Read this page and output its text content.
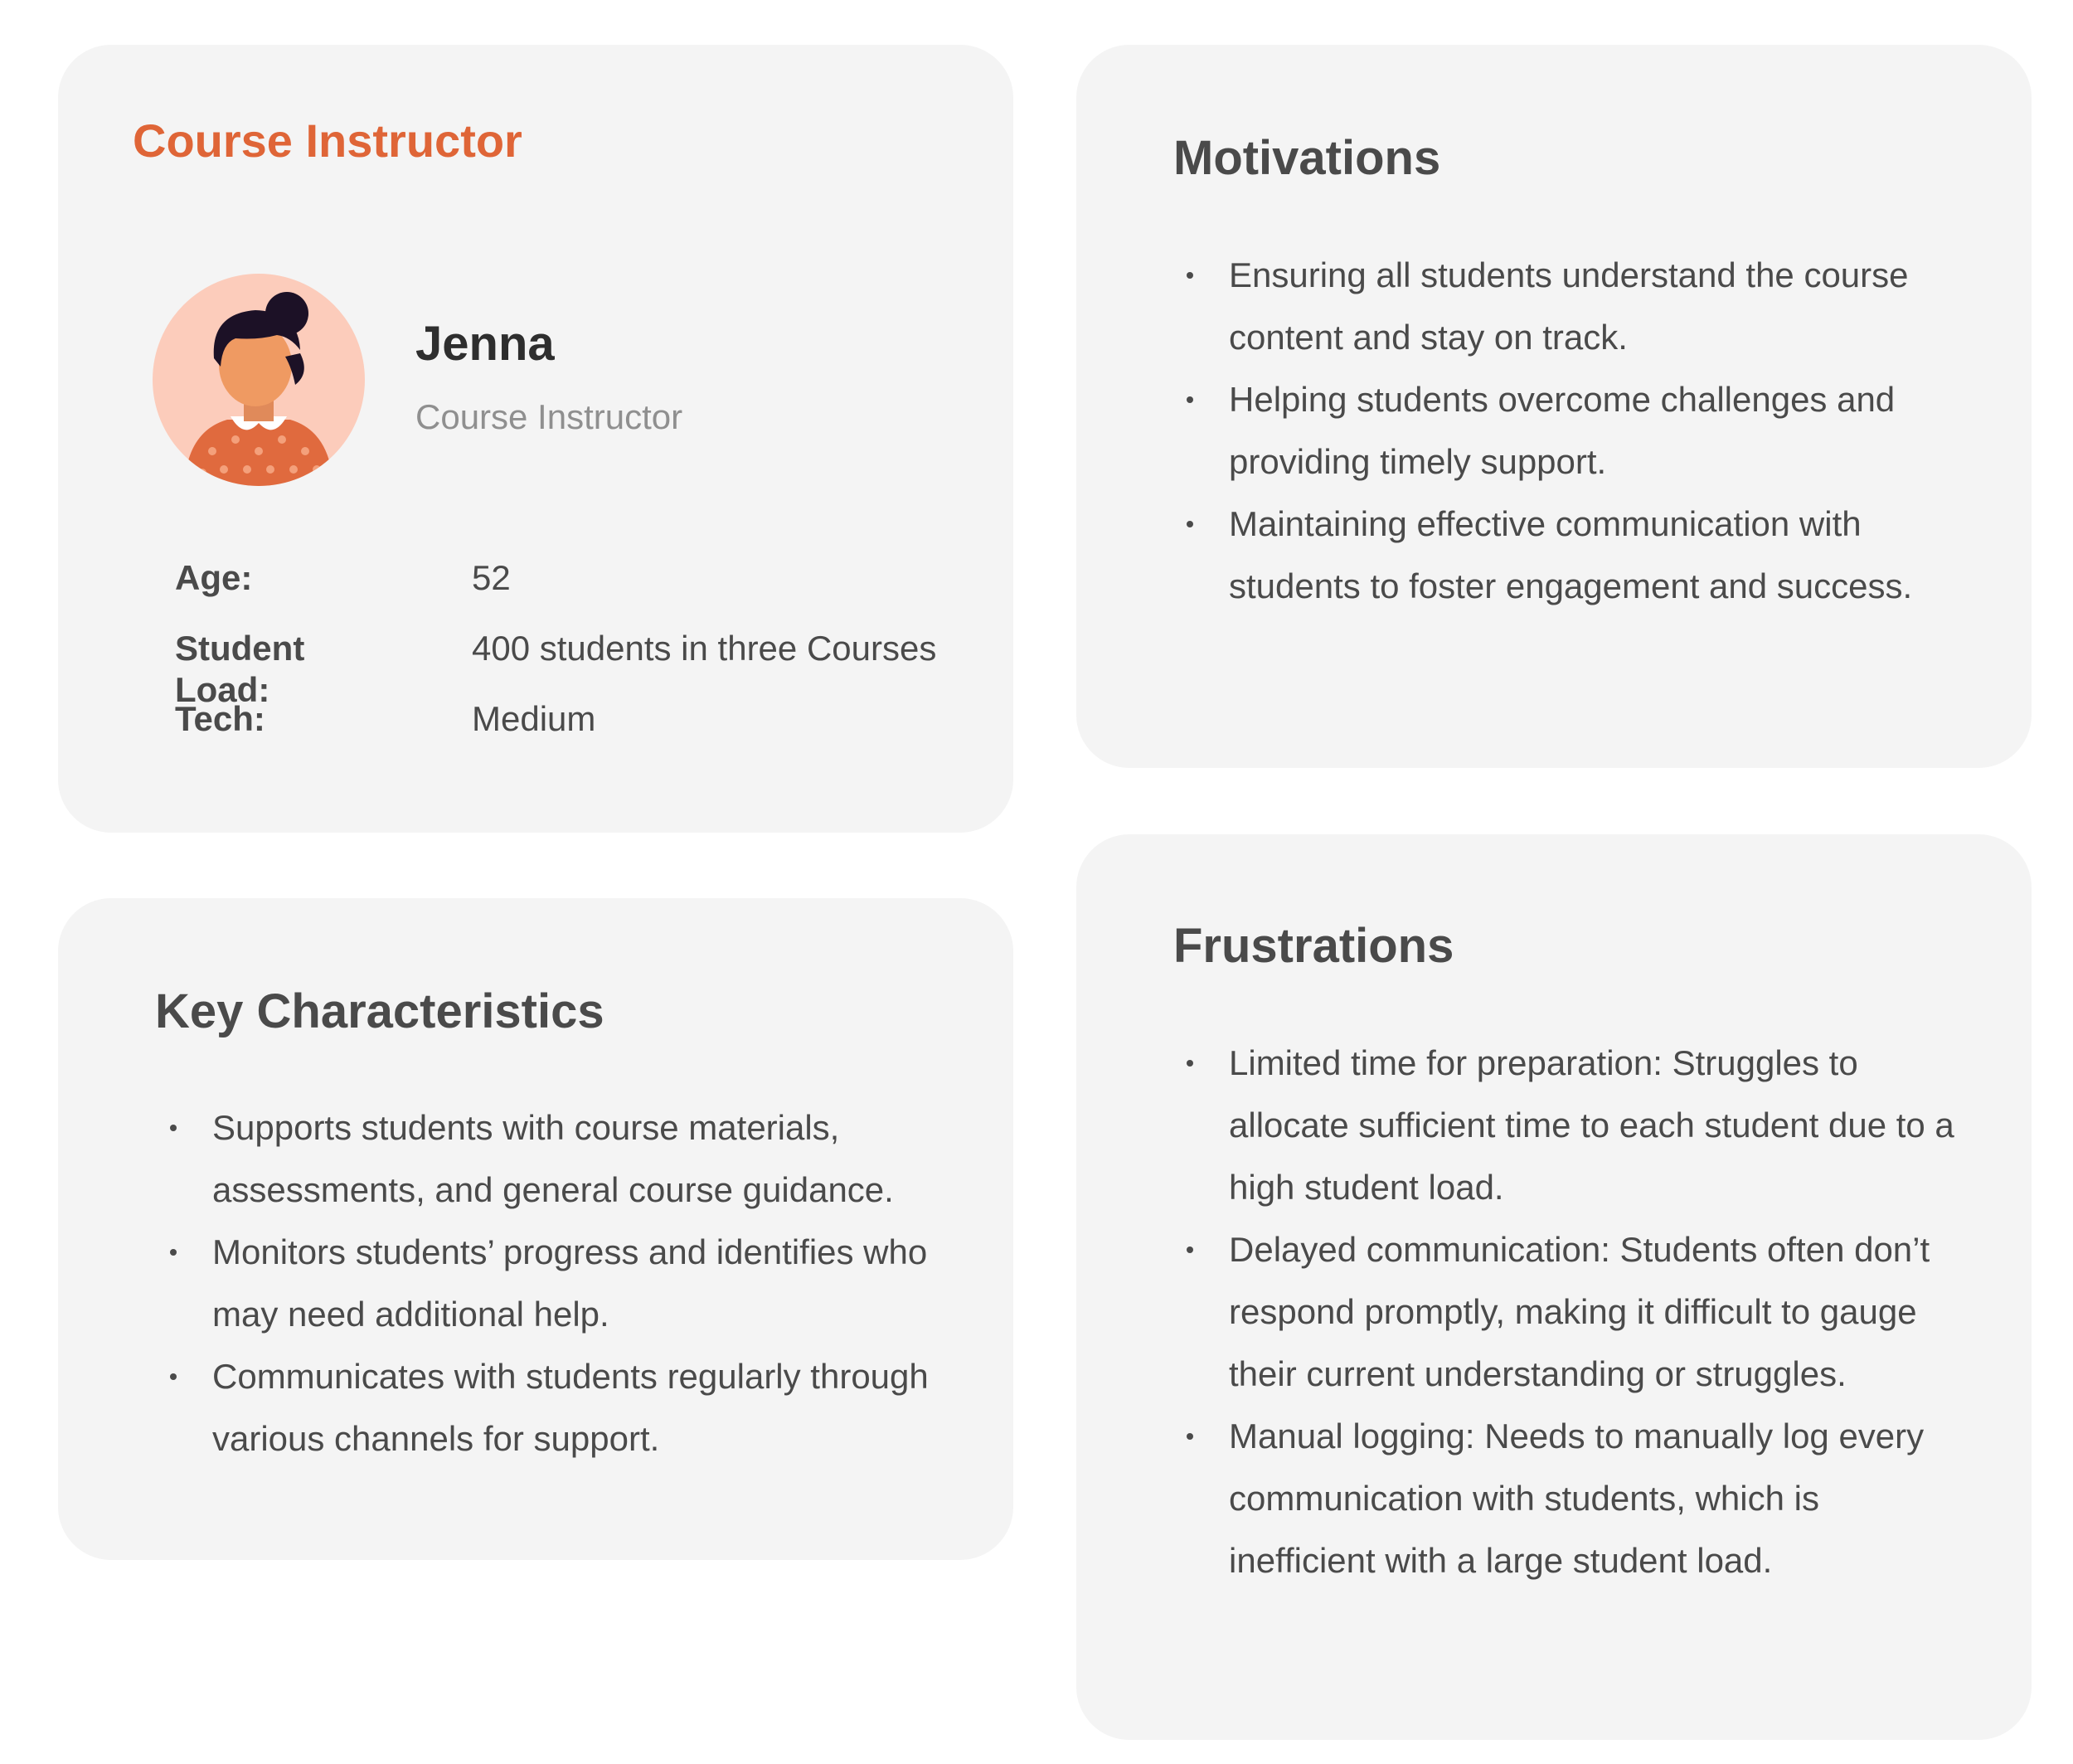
Course Instructor
Jenna

Course Instructor

Age:	52
Student Load:
400 students in three Courses
Tech:	Medium
Motivations
Ensuring all students understand the course content and stay on track.
Helping students overcome challenges and providing timely support.
Maintaining effective communication with students to foster engagement and success.
Key Characteristics
Supports students with course materials, assessments, and general course guidance.
Monitors students’ progress and identifies who may need additional help.
Communicates with students regularly through various channels for support.
Frustrations
Limited time for preparation: Struggles to allocate sufficient time to each student due to a high student load.
Delayed communication: Students often don’t respond promptly, making it difficult to gauge their current understanding or struggles.
Manual logging: Needs to manually log every communication with students, which is inefficient with a large student load.
